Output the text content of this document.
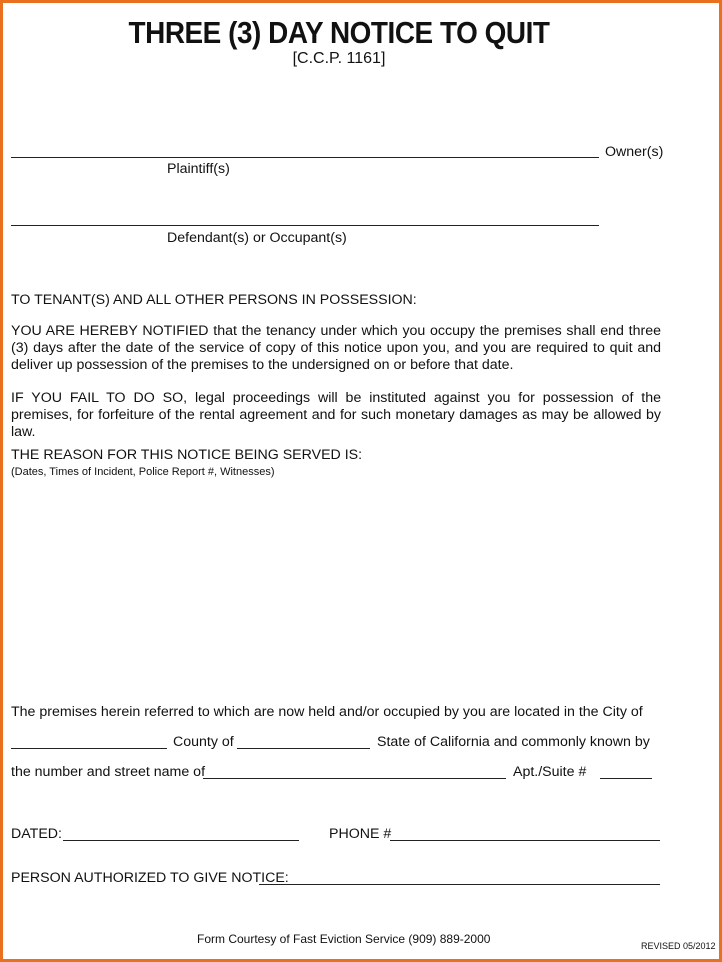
THREE (3) DAY NOTICE TO QUIT
[C.C.P. 1161]
Owner(s)
Plaintiff(s)
Defendant(s) or Occupant(s)
TO TENANT(S) AND ALL OTHER PERSONS IN POSSESSION:
YOU ARE HEREBY NOTIFIED that the tenancy under which you occupy the premises shall end three (3) days after the date of the service of copy of this notice upon you, and you are required to quit and deliver up possession of the premises to the undersigned on or before that date.
IF YOU FAIL TO DO SO, legal proceedings will be instituted against you for possession of the premises, for forfeiture of the rental agreement and for such monetary damages as may be allowed by law.
THE REASON FOR THIS NOTICE BEING SERVED IS:
(Dates, Times of Incident, Police Report #, Witnesses)
The premises herein referred to which are now held and/or occupied by you are located in the City of
County of	State of California and commonly known by
the number and street name of	Apt./Suite #
DATED:	PHONE #
PERSON AUTHORIZED TO GIVE NOTICE:
Form Courtesy of Fast Eviction Service (909) 889-2000	REVISED 05/2012
